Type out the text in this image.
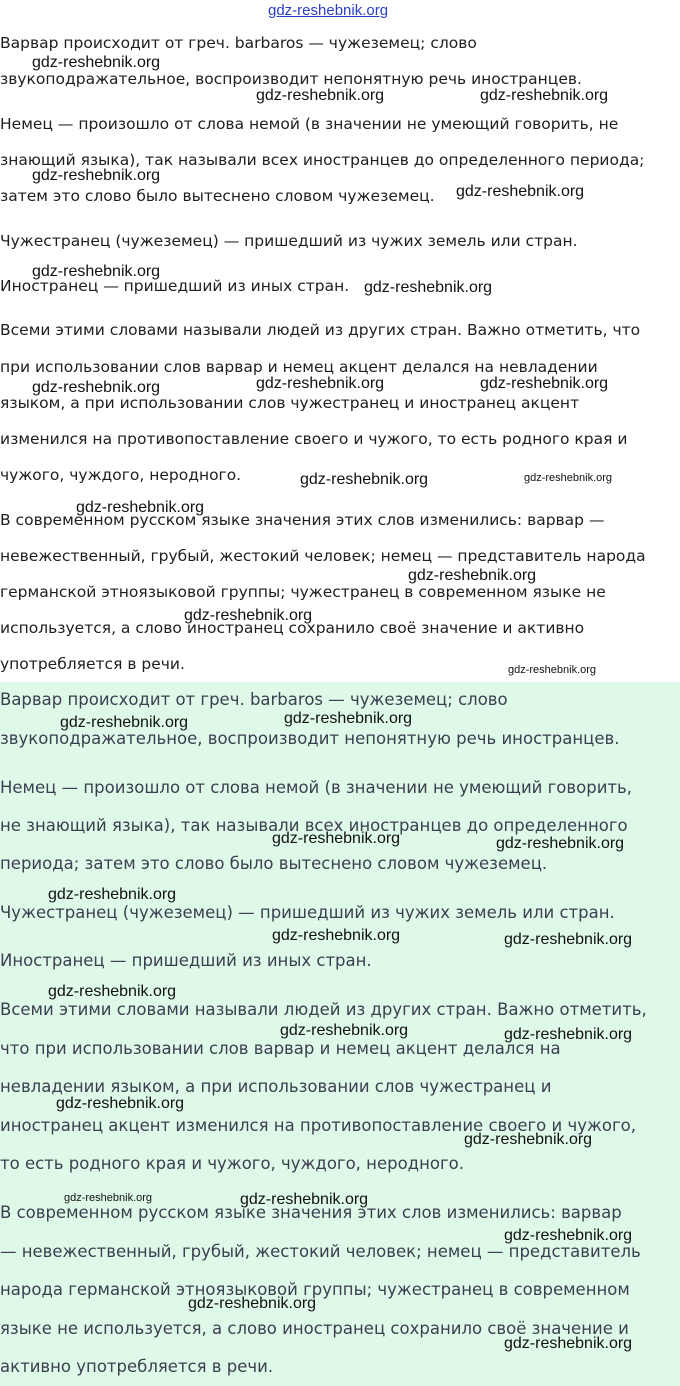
gdz-reshebnik.org
Варвар происходит от греч. barbaros — чужеземец; слово
звукоподражательное, воспроизводит непонятную речь иностранцев.
Немец — произошло от слова немой (в значении не умеющий говорить, не
знающий языка), так называли всех иностранцев до определенного периода;
затем это слово было вытеснено словом чужеземец.
Чужестранец (чужеземец) — пришедший из чужих земель или стран.
Иностранец — пришедший из иных стран.
Всеми этими словами называли людей из других стран. Важно отметить, что
при использовании слов варвар и немец акцент делался на невладении
языком, а при использовании слов чужестранец и иностранец акцент
изменился на противопоставление своего и чужого, то есть родного края и
чужого, чуждого, неродного.
В современном русском языке значения этих слов изменились: варвар —
невежественный, грубый, жестокий человек; немец — представитель народа
германской этноязыковой группы; чужестранец в современном языке не
используется, а слово иностранец сохранило своё значение и активно
употребляется в речи.
Варвар происходит от греч. barbaros — чужеземец; слово
звукоподражательное, воспроизводит непонятную речь иностранцев.
Немец — произошло от слова немой (в значении не умеющий говорить,
не знающий языка), так называли всех иностранцев до определенного
периода; затем это слово было вытеснено словом чужеземец.
Чужестранец (чужеземец) — пришедший из чужих земель или стран.
Иностранец — пришедший из иных стран.
Всеми этими словами называли людей из других стран. Важно отметить,
что при использовании слов варвар и немец акцент делался на
невладении языком, а при использовании слов чужестранец и
иностранец акцент изменился на противопоставление своего и чужого,
то есть родного края и чужого, чуждого, неродного.
В современном русском языке значения этих слов изменились: варвар
— невежественный, грубый, жестокий человек; немец — представитель
народа германской этноязыковой группы; чужестранец в современном
языке не используется, а слово иностранец сохранило своё значение и
активно употребляется в речи.
gdz-reshebnik.org
gdz-reshebnik.org	gdz-reshebnik.org
gdz-reshebnik.org
gdz-reshebnik.org
gdz-reshebnik.org
gdz-reshebnik.org
gdz-reshebnik.org	gdz-reshebnik.org	gdz-reshebnik.org
gdz-reshebnik.org	gdz-reshebnik.org
gdz-reshebnik.org
gdz-reshebnik.org
gdz-reshebnik.org
gdz-reshebnik.org
gdz-reshebnik.org	gdz-reshebnik.org
gdz-reshebnik.org	gdz-reshebnik.org
gdz-reshebnik.org
gdz-reshebnik.org	gdz-reshebnik.org
gdz-reshebnik.org
gdz-reshebnik.org	gdz-reshebnik.org
gdz-reshebnik.org
gdz-reshebnik.org
gdz-reshebnik.org	gdz-reshebnik.org
gdz-reshebnik.org
gdz-reshebnik.org
gdz-reshebnik.org
